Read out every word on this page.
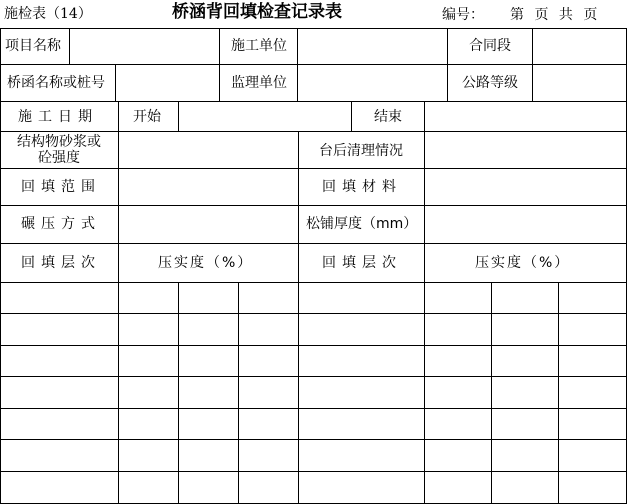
施检表（14）	桥涵背回填检查记录表	编号： 第 页 共 页
项目名称	施工单位	合同段
桥函名称或桩号	监理单位	公路等级
施工日期	开始	结束
结构物砂浆或砼强度	台后清理情况
回填范围	回填材料
碾压方式	松铺厚度（mm）
回填层次	压实度（%）	回填层次	压实度（%）
